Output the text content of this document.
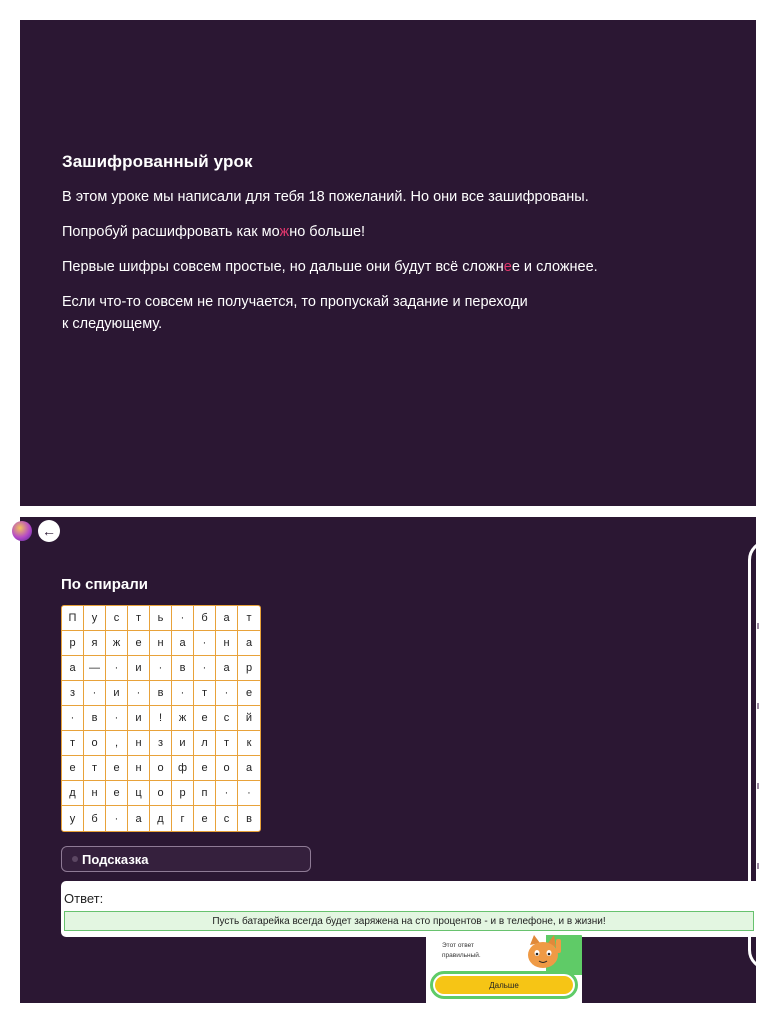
Зашифрованный урок

В этом уроке мы написали для тебя 18 пожеланий. Но они все зашифрованы.

Попробуй расшифровать как можно больше!

Первые шифры совсем простые, но дальше они будут всё сложнее и сложнее.

Если что-то совсем не получается, то пропускай задание и переходи
к следующему.

←
По спирали
П	у	с	т	ь	·	б	а	т
р	я	ж	е	н	а	·	н	а
а	—	·	и	·	в	·	а	р
з	·	и	·	в	·	т	·	е
·	в	·	и	!	ж	е	с	й
т	о	,	н	з	и	л	т	к
е	т	е	н	о	ф	е	о	а
д	н	е	ц	о	р	п	·	·
у	б	·	а	д	г	е	с	в
Подсказка
Ответ:
Пусть батарейка всегда будет заряжена на сто процентов - и в телефоне, и в жизни!
Этот ответ
правильный.
Дальше
